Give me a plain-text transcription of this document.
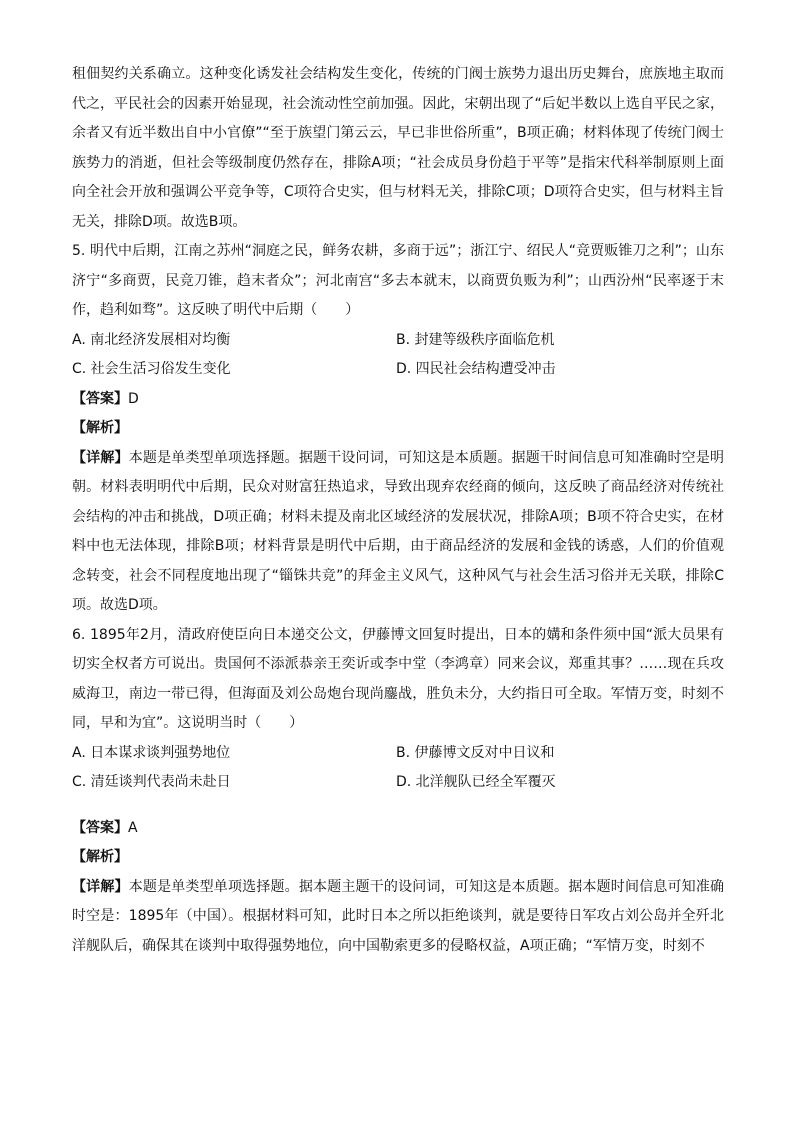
租佃契约关系确立。这种变化诱发社会结构发生变化，传统的门阀士族势力退出历史舞台，庶族地主取而代之，平民社会的因素开始显现，社会流动性空前加强。因此，宋朝出现了“后妃半数以上选自平民之家，余者又有近半数出自中小官僚”“至于族望门第云云，早已非世俗所重”，B项正确；材料体现了传统门阀士族势力的消逝，但社会等级制度仍然存在，排除A项；“社会成员身份趋于平等”是指宋代科举制原则上面向全社会开放和强调公平竞争等，C项符合史实，但与材料无关，排除C项；D项符合史实，但与材料主旨无关，排除D项。故选B项。

5. 明代中后期，江南之苏州“洞庭之民，鲜务农耕，多商于远”；浙江宁、绍民人“竞贾贩锥刀之利”；山东济宁“多商贾，民竞刀锥，趋末者众”；河北南宫“多去本就末，以商贾负贩为利”；山西汾州“民率逐于末作，趋利如骛”。这反映了明代中后期（　　）

A. 南北经济发展相对均衡	B. 封建等级秩序面临危机
C. 社会生活习俗发生变化	D. 四民社会结构遭受冲击

【答案】D

【解析】

【详解】本题是单类型单项选择题。据题干设问词，可知这是本质题。据题干时间信息可知准确时空是明朝。材料表明明代中后期，民众对财富狂热追求，导致出现弃农经商的倾向，这反映了商品经济对传统社会结构的冲击和挑战，D项正确；材料未提及南北区域经济的发展状况，排除A项；B项不符合史实，在材料中也无法体现，排除B项；材料背景是明代中后期，由于商品经济的发展和金钱的诱惑，人们的价值观念转变，社会不同程度地出现了“锱铢共竞”的拜金主义风气，这种风气与社会生活习俗并无关联，排除C项。故选D项。

6. 1895年2月，清政府使臣向日本递交公文，伊藤博文回复时提出，日本的媾和条件须中国“派大员果有切实全权者方可说出。贵国何不添派恭亲王奕䜣或李中堂（李鸿章）同来会议，郑重其事？……现在兵攻威海卫，南边一带已得，但海面及刘公岛炮台现尚鏖战，胜负未分，大约指日可全取。军情万变，时刻不同，早和为宜”。这说明当时（　　）

A. 日本谋求谈判强势地位	B. 伊藤博文反对中日议和
C. 清廷谈判代表尚未赴日	D. 北洋舰队已经全军覆灭

【答案】A

【解析】

【详解】本题是单类型单项选择题。据本题主题干的设问词，可知这是本质题。据本题时间信息可知准确时空是：1895年（中国）。根据材料可知，此时日本之所以拒绝谈判，就是要待日军攻占刘公岛并全歼北洋舰队后，确保其在谈判中取得强势地位，向中国勒索更多的侵略权益，A项正确；“军情万变，时刻不
